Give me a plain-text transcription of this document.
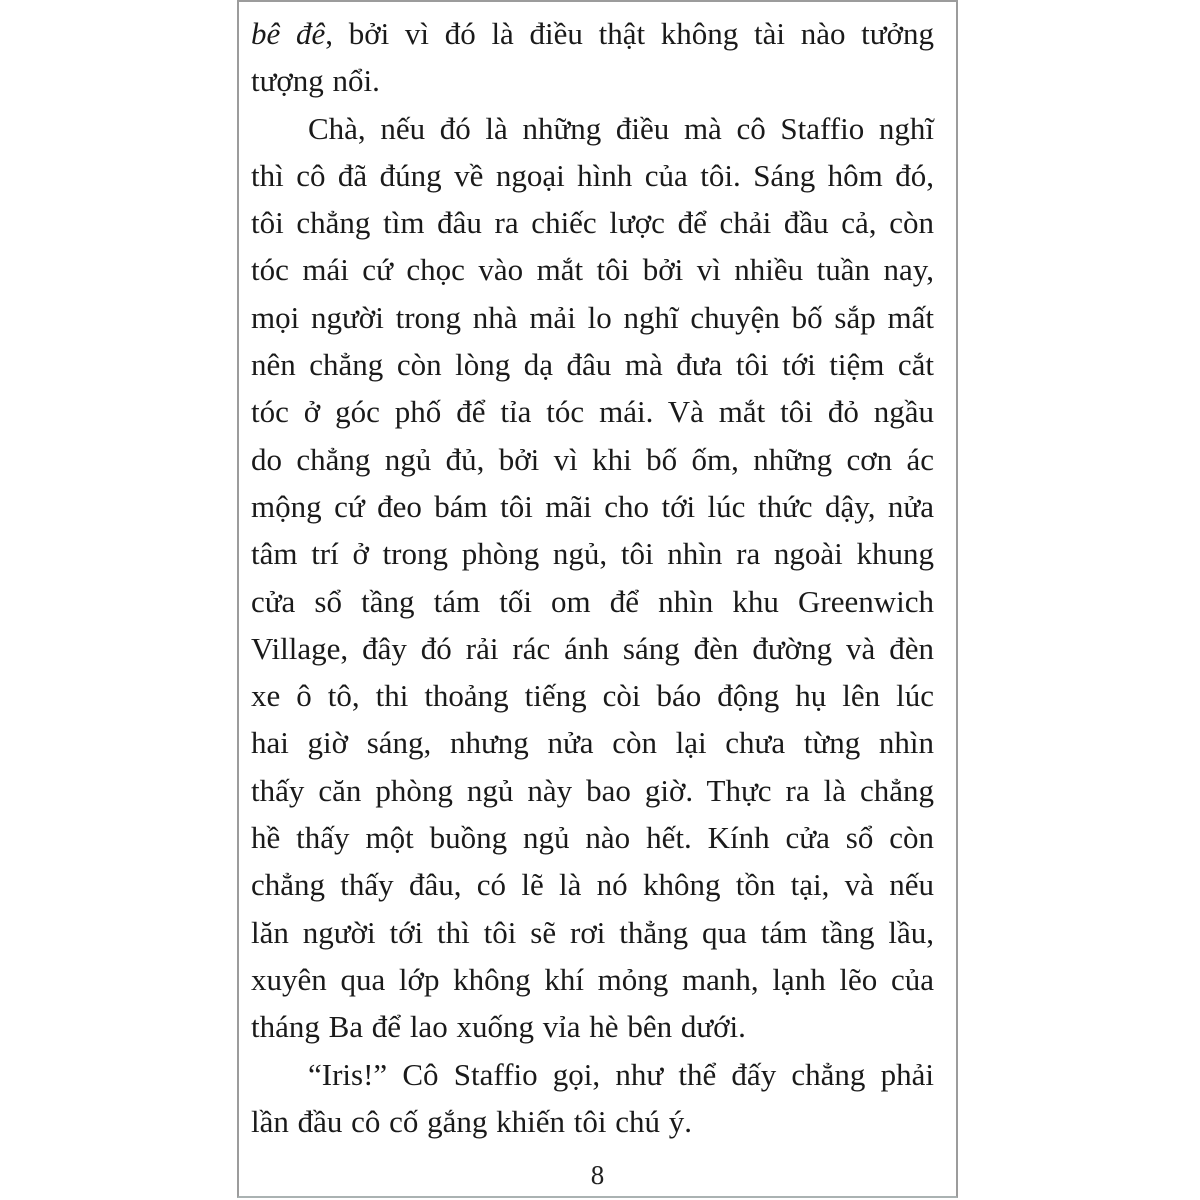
bê đê, bởi vì đó là điều thật không tài nào tưởng
tượng nổi.
Chà, nếu đó là những điều mà cô Staffio nghĩ
thì cô đã đúng về ngoại hình của tôi. Sáng hôm đó,
tôi chẳng tìm đâu ra chiếc lược để chải đầu cả, còn
tóc mái cứ chọc vào mắt tôi bởi vì nhiều tuần nay,
mọi người trong nhà mải lo nghĩ chuyện bố sắp mất
nên chẳng còn lòng dạ đâu mà đưa tôi tới tiệm cắt
tóc ở góc phố để tỉa tóc mái. Và mắt tôi đỏ ngầu
do chẳng ngủ đủ, bởi vì khi bố ốm, những cơn ác
mộng cứ đeo bám tôi mãi cho tới lúc thức dậy, nửa
tâm trí ở trong phòng ngủ, tôi nhìn ra ngoài khung
cửa sổ tầng tám tối om để nhìn khu Greenwich
Village, đây đó rải rác ánh sáng đèn đường và đèn
xe ô tô, thi thoảng tiếng còi báo động hụ lên lúc
hai giờ sáng, nhưng nửa còn lại chưa từng nhìn
thấy căn phòng ngủ này bao giờ. Thực ra là chẳng
hề thấy một buồng ngủ nào hết. Kính cửa sổ còn
chẳng thấy đâu, có lẽ là nó không tồn tại, và nếu
lăn người tới thì tôi sẽ rơi thẳng qua tám tầng lầu,
xuyên qua lớp không khí mỏng manh, lạnh lẽo của
tháng Ba để lao xuống vỉa hè bên dưới.
“Iris!” Cô Staffio gọi, như thể đấy chẳng phải
lần đầu cô cố gắng khiến tôi chú ý.
8
